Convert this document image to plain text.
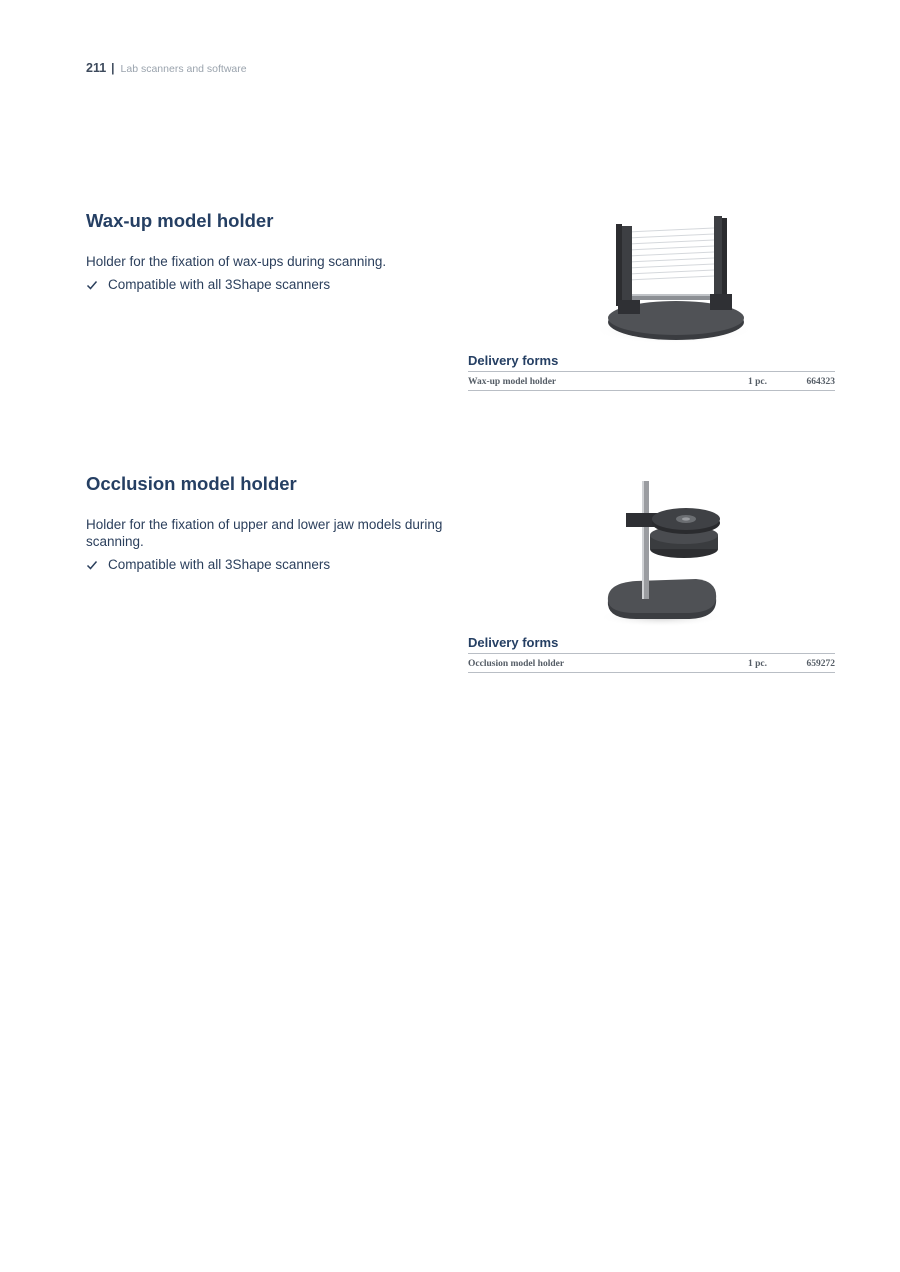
211 | Lab scanners and software
Wax-up model holder
Holder for the fixation of wax-ups during scanning.
Compatible with all 3Shape scanners
Delivery forms
Wax-up model holder	1 pc.	664323
Occlusion model holder
Holder for the fixation of upper and lower jaw models during scanning.
Compatible with all 3Shape scanners
Delivery forms
Occlusion model holder	1 pc.	659272
